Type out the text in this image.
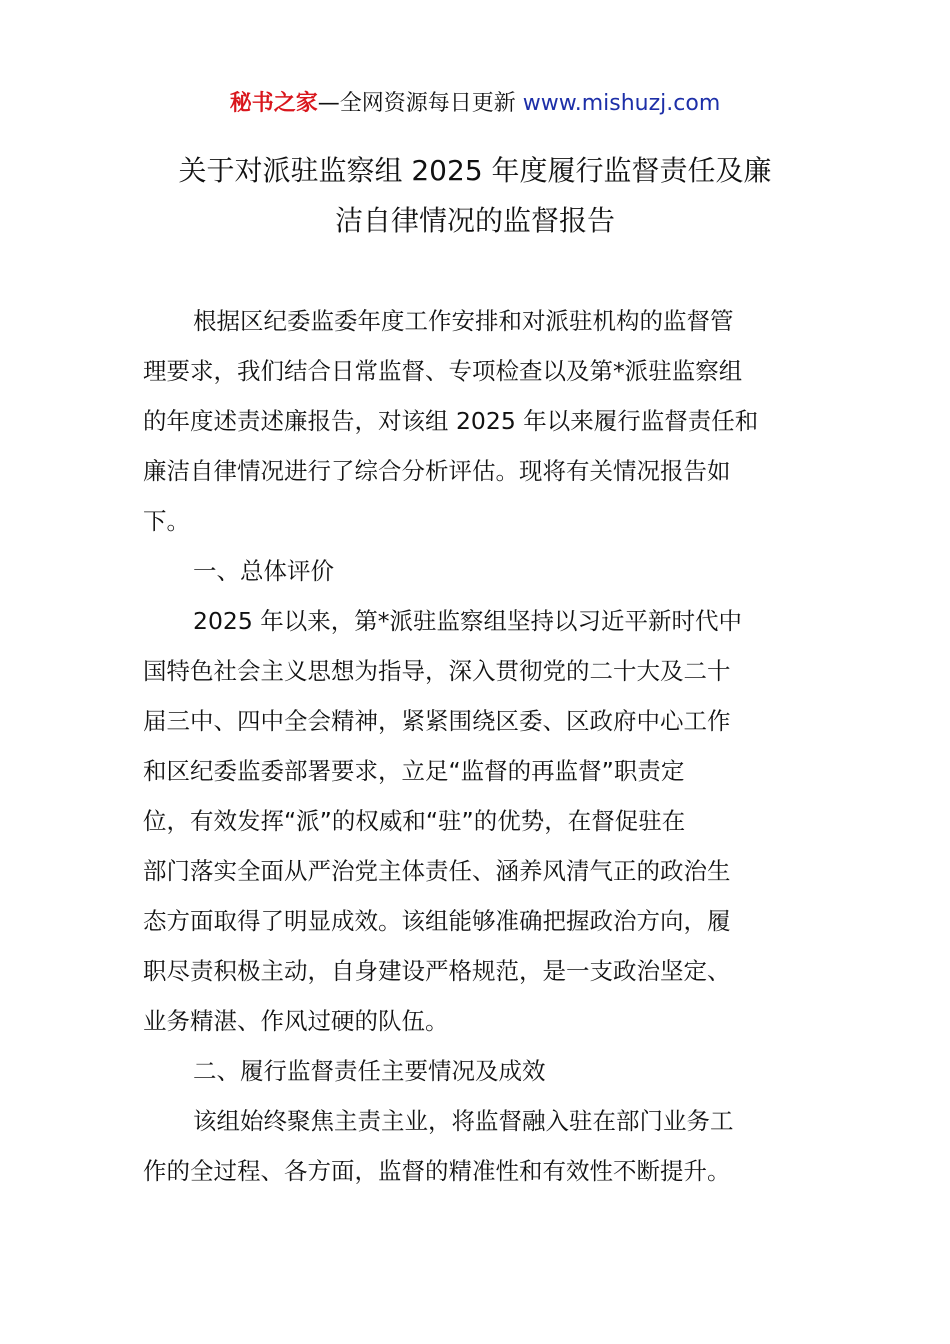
秘书之家—全网资源每日更新 www.mishuzj.com
关于对派驻监察组 2025 年度履行监督责任及廉
洁自律情况的监督报告
根据区纪委监委年度工作安排和对派驻机构的监督管
理要求，我们结合日常监督、专项检查以及第*派驻监察组
的年度述责述廉报告，对该组 2025 年以来履行监督责任和
廉洁自律情况进行了综合分析评估。现将有关情况报告如
下。
一、总体评价
2025 年以来，第*派驻监察组坚持以习近平新时代中
国特色社会主义思想为指导，深入贯彻党的二十大及二十
届三中、四中全会精神，紧紧围绕区委、区政府中心工作
和区纪委监委部署要求，立足“监督的再监督”职责定
位，有效发挥“派”的权威和“驻”的优势，在督促驻在
部门落实全面从严治党主体责任、涵养风清气正的政治生
态方面取得了明显成效。该组能够准确把握政治方向，履
职尽责积极主动，自身建设严格规范，是一支政治坚定、
业务精湛、作风过硬的队伍。
二、履行监督责任主要情况及成效
该组始终聚焦主责主业，将监督融入驻在部门业务工
作的全过程、各方面，监督的精准性和有效性不断提升。
